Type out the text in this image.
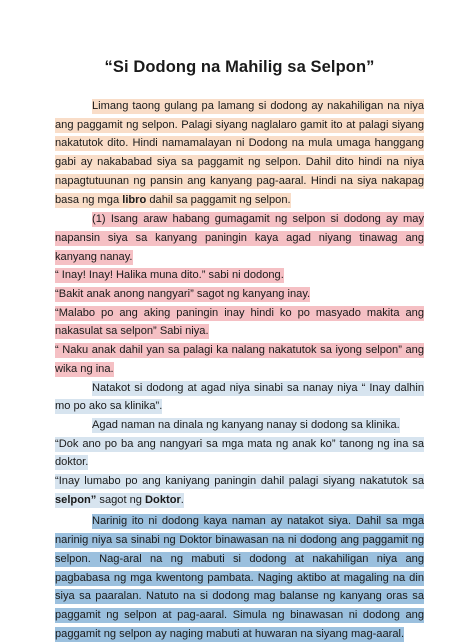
“Si Dodong na Mahilig sa Selpon”

Limang taong gulang pa lamang si dodong ay nakahiligan na niya ang paggamit ng selpon. Palagi siyang naglalaro gamit ito at palagi siyang nakatutok dito. Hindi namamalayan ni Dodong na mula umaga hanggang gabi ay nakababad siya sa paggamit ng selpon. Dahil dito hindi na niya napagtutuunan ng pansin ang kanyang pag-aaral. Hindi na siya nakapag basa ng mga libro dahil sa paggamit ng selpon.

(1) Isang araw habang gumagamit ng selpon si dodong ay may napansin siya sa kanyang paningin kaya agad niyang tinawag ang kanyang nanay.

“ Inay! Inay! Halika muna dito.” sabi ni dodong.

“Bakit anak anong nangyari” sagot ng kanyang inay.

“Malabo po ang aking paningin inay hindi ko po masyado makita ang nakasulat sa selpon” Sabi niya.

“ Naku anak dahil yan sa palagi ka nalang nakatutok sa iyong selpon” ang wika ng ina.

Natakot si dodong at agad niya sinabi sa nanay niya “ Inay dalhin mo po ako sa klinika”.

Agad naman na dinala ng kanyang nanay si dodong sa klinika.

“Dok ano po ba ang nangyari sa mga mata ng anak ko” tanong ng ina sa doktor.

“Inay lumabo po ang kaniyang paningin dahil palagi siyang nakatutok sa selpon” sagot ng Doktor.

Narinig ito ni dodong kaya naman ay natakot siya. Dahil sa mga narinig niya sa sinabi ng Doktor binawasan na ni dodong ang paggamit ng selpon. Nag-aral na ng mabuti si dodong at nakahiligan niya ang pagbabasa ng mga kwentong pambata. Naging aktibo at magaling na din siya sa paaralan. Natuto na si dodong mag balanse ng kanyang oras sa paggamit ng selpon at pag-aaral. Simula ng binawasan ni dodong ang paggamit ng selpon ay naging mabuti at huwaran na siyang mag-aaral.
